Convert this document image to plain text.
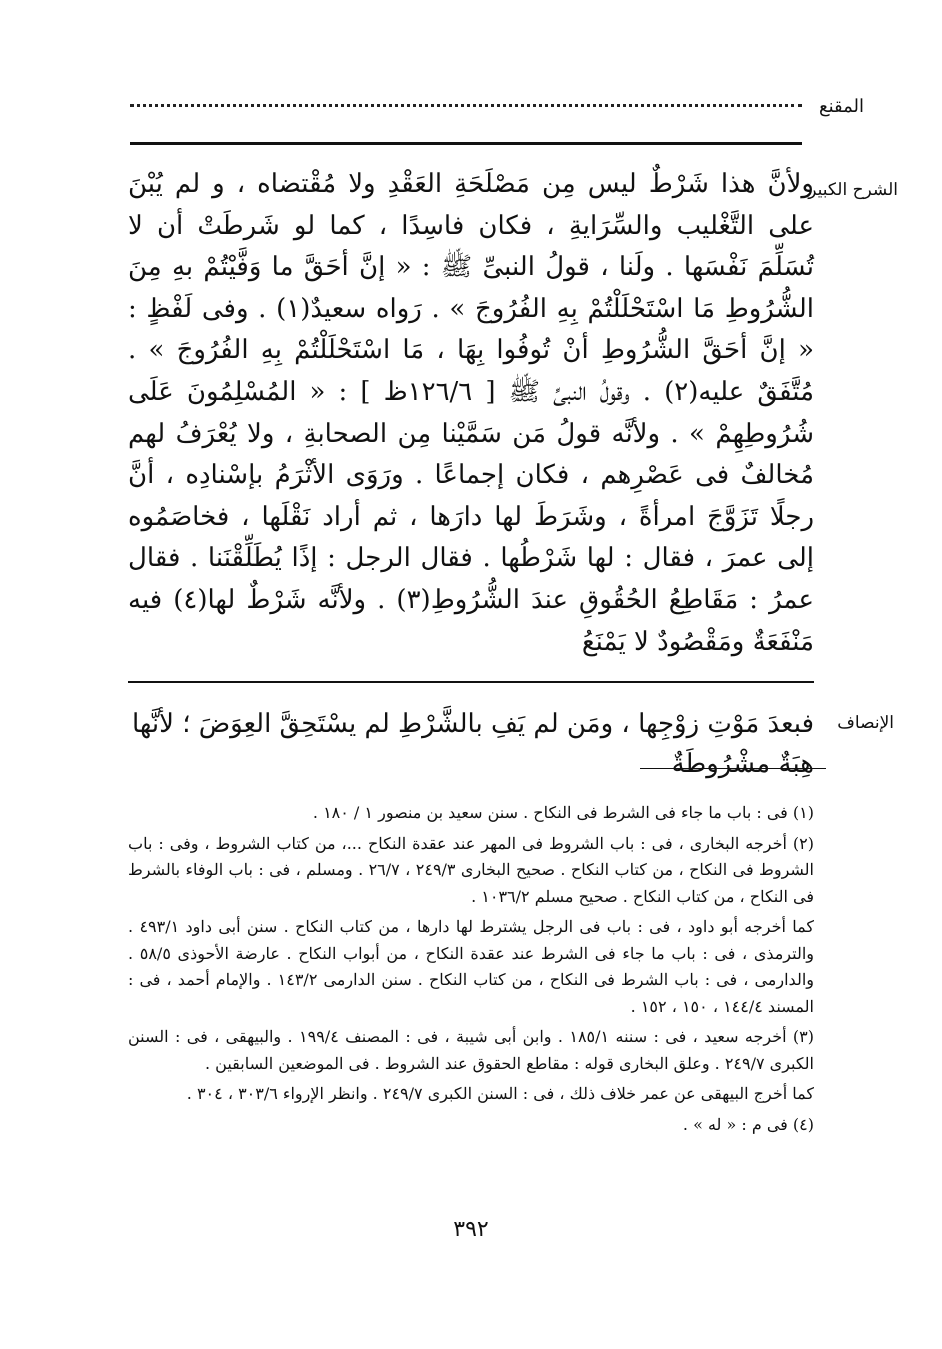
المقنع
الشرح الكبير

ولأنَّ هذا شَرْطٌ ليس مِن مَصْلَحَةِ العَقْدِ ولا مُقْتضاه ، و لم يُبْنَ على التَّغْليب والسِّرَايةِ ، فكان فاسِدًا ، كما لو شَرطَتْ أن لا تُسَلِّمَ نَفْسَها . ولَنا ، قولُ النبىِّ ﷺ : « إنَّ أحَقَّ ما وَفَّيْتُمْ بهِ مِنَ الشُّرُوطِ مَا اسْتَحْلَلْتُمْ بِهِ الفُرُوجَ » . رَواه سعيدٌ(١) . وفى لَفْظٍ : « إنَّ أحَقَّ الشُّرُوطِ أنْ تُوفُوا بِهَا ، مَا اسْتَحْلَلْتُمْ بِهِ الفُرُوجَ » . مُتَّفَقٌ عليه(٢) . وقولُ النبىِّ ﷺ [ ١٢٦/٦ظ ] : « المُسْلِمُونَ عَلَى شُرُوطِهِمْ » . ولأنَّه قولُ مَن سَمَّيْنا مِن الصحابةِ ، ولا يُعْرَفُ لهم مُخالفٌ فى عَصْرِهم ، فكان إجماعًا . ورَوَى الأثْرَمُ بإسْنادِه ، أنَّ رجلًا تَزَوَّجَ امرأةً ، وشَرَطَ لها دارَها ، ثم أراد نَقْلَها ، فخاصَمُوه إلى عمرَ ، فقال : لها شَرْطُها . فقال الرجل : إذًا يُطَلِّقْنَنا . فقال عمرُ : مَقَاطِعُ الحُقُوقِ عندَ الشُّرُوطِ(٣) . ولأنَّه شَرْطٌ لها(٤) فيه مَنْفَعَةٌ ومَقْصُودٌ لا يَمْنَعُ

الإنصاف
فبعدَ مَوْتِ زوْجِها ، ومَن لم يَفِ بالشَّرْطِ لم يسْتَحِقَّ العِوَضَ ؛ لأنَّها هِبَةٌ مشْرُوطَةٌ

(١) فى : باب ما جاء فى الشرط فى النكاح . سنن سعيد بن منصور ١ / ١٨٠ .

(٢) أخرجه البخارى ، فى : باب الشروط فى المهر عند عقدة النكاح ...، من كتاب الشروط ، وفى : باب الشروط فى النكاح ، من كتاب النكاح . صحيح البخارى ٢٤٩/٣ ، ٢٦/٧ . ومسلم ، فى : باب الوفاء بالشرط فى النكاح ، من كتاب النكاح . صحيح مسلم ١٠٣٦/٢ .

كما أخرجه أبو داود ، فى : باب فى الرجل يشترط لها دارها ، من كتاب النكاح . سنن أبى داود ٤٩٣/١ . والترمذى ، فى : باب ما جاء فى الشرط عند عقدة النكاح ، من أبواب النكاح . عارضة الأحوذى ٥٨/٥ . والدارمى ، فى : باب الشرط فى النكاح ، من كتاب النكاح . سنن الدارمى ١٤٣/٢ . والإمام أحمد ، فى : المسند ١٤٤/٤ ، ١٥٠ ، ١٥٢ .

(٣) أخرجه سعيد ، فى : سننه ١٨٥/١ . وابن أبى شيبة ، فى : المصنف ١٩٩/٤ . والبيهقى ، فى : السنن الكبرى ٢٤٩/٧ . وعلق البخارى قوله : مقاطع الحقوق عند الشروط . فى الموضعين السابقين .

كما أخرج البيهقى عن عمر خلاف ذلك ، فى : السنن الكبرى ٢٤٩/٧ . وانظر الإرواء ٣٠٣/٦ ، ٣٠٤ .

(٤) فى م : « له » .

٣٩٢
